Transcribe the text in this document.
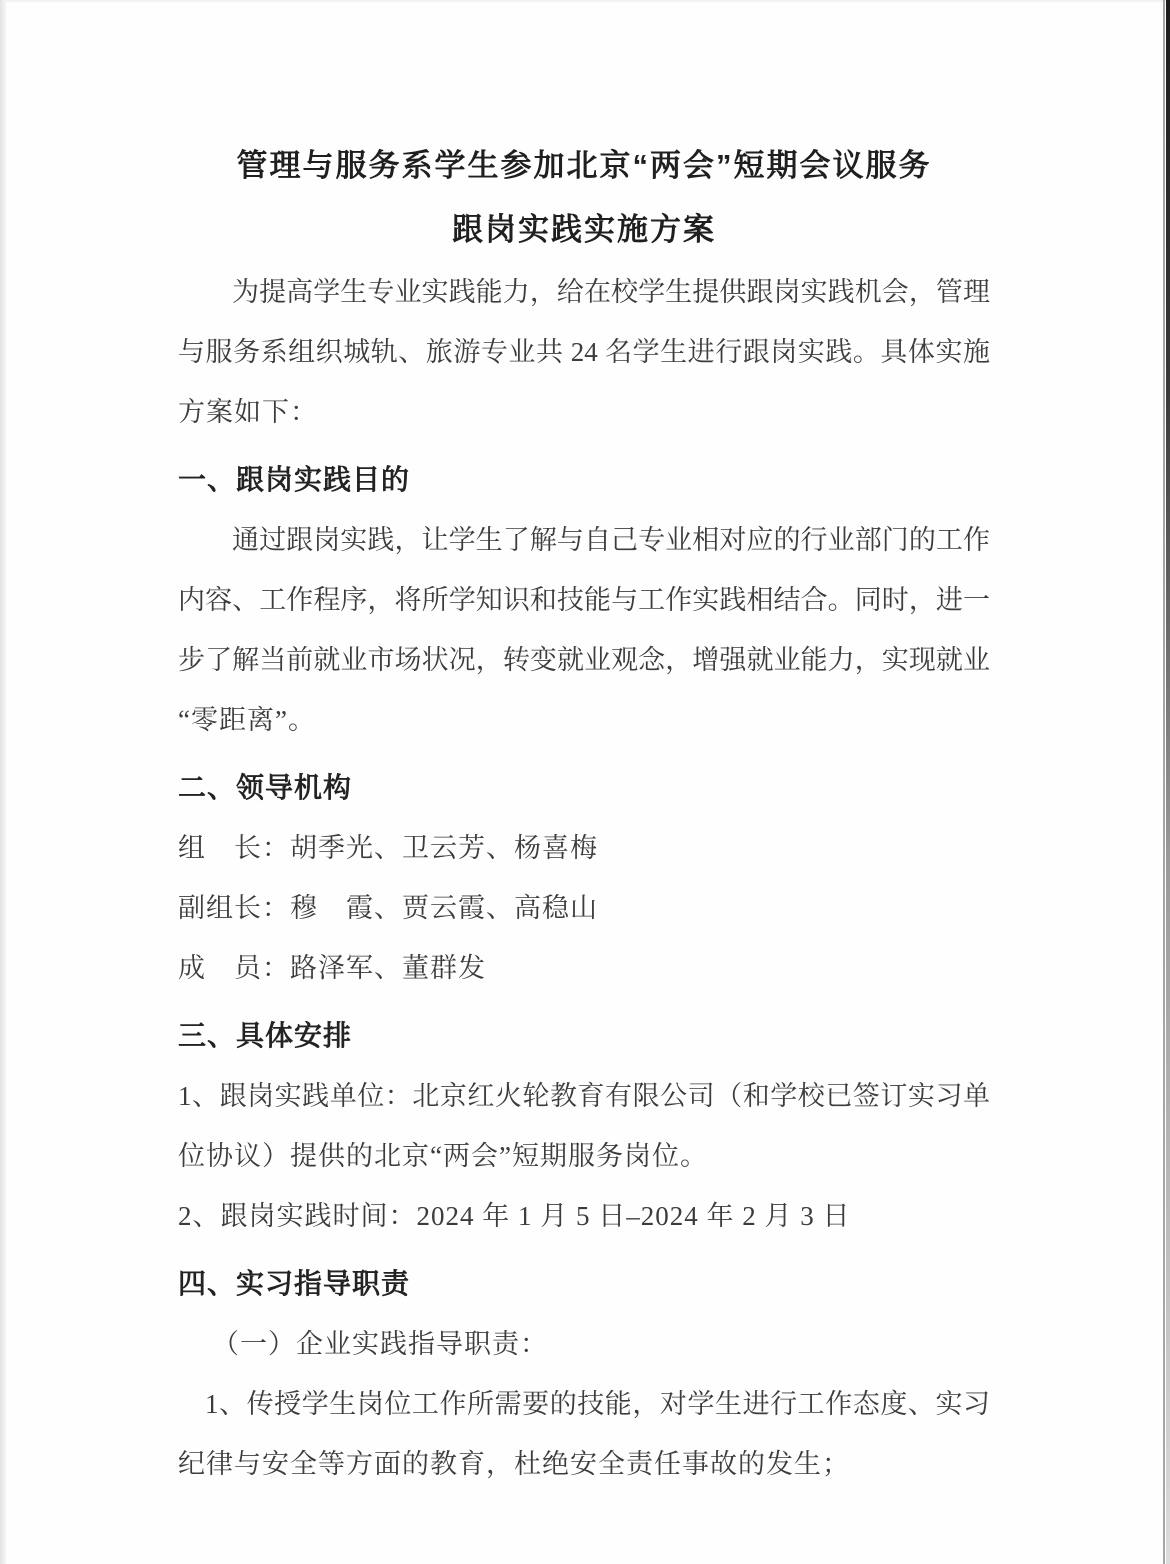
管理与服务系学生参加北京“两会”短期会议服务
跟岗实践实施方案
为提高学生专业实践能力，给在校学生提供跟岗实践机会，管理
与服务系组织城轨、旅游专业共 24 名学生进行跟岗实践。具体实施
方案如下：
一、跟岗实践目的
通过跟岗实践，让学生了解与自己专业相对应的行业部门的工作
内容、工作程序，将所学知识和技能与工作实践相结合。同时，进一
步了解当前就业市场状况，转变就业观念，增强就业能力，实现就业
“零距离”。
二、领导机构
组　长：胡季光、卫云芳、杨喜梅
副组长：穆　霞、贾云霞、高稳山
成　员：路泽军、董群发
三、具体安排
1、跟岗实践单位：北京红火轮教育有限公司（和学校已签订实习单
位协议）提供的北京“两会”短期服务岗位。
2、跟岗实践时间：2024 年 1 月 5 日–2024 年 2 月 3 日
四、实习指导职责
（一）企业实践指导职责：
1、传授学生岗位工作所需要的技能，对学生进行工作态度、实习
纪律与安全等方面的教育，杜绝安全责任事故的发生；
